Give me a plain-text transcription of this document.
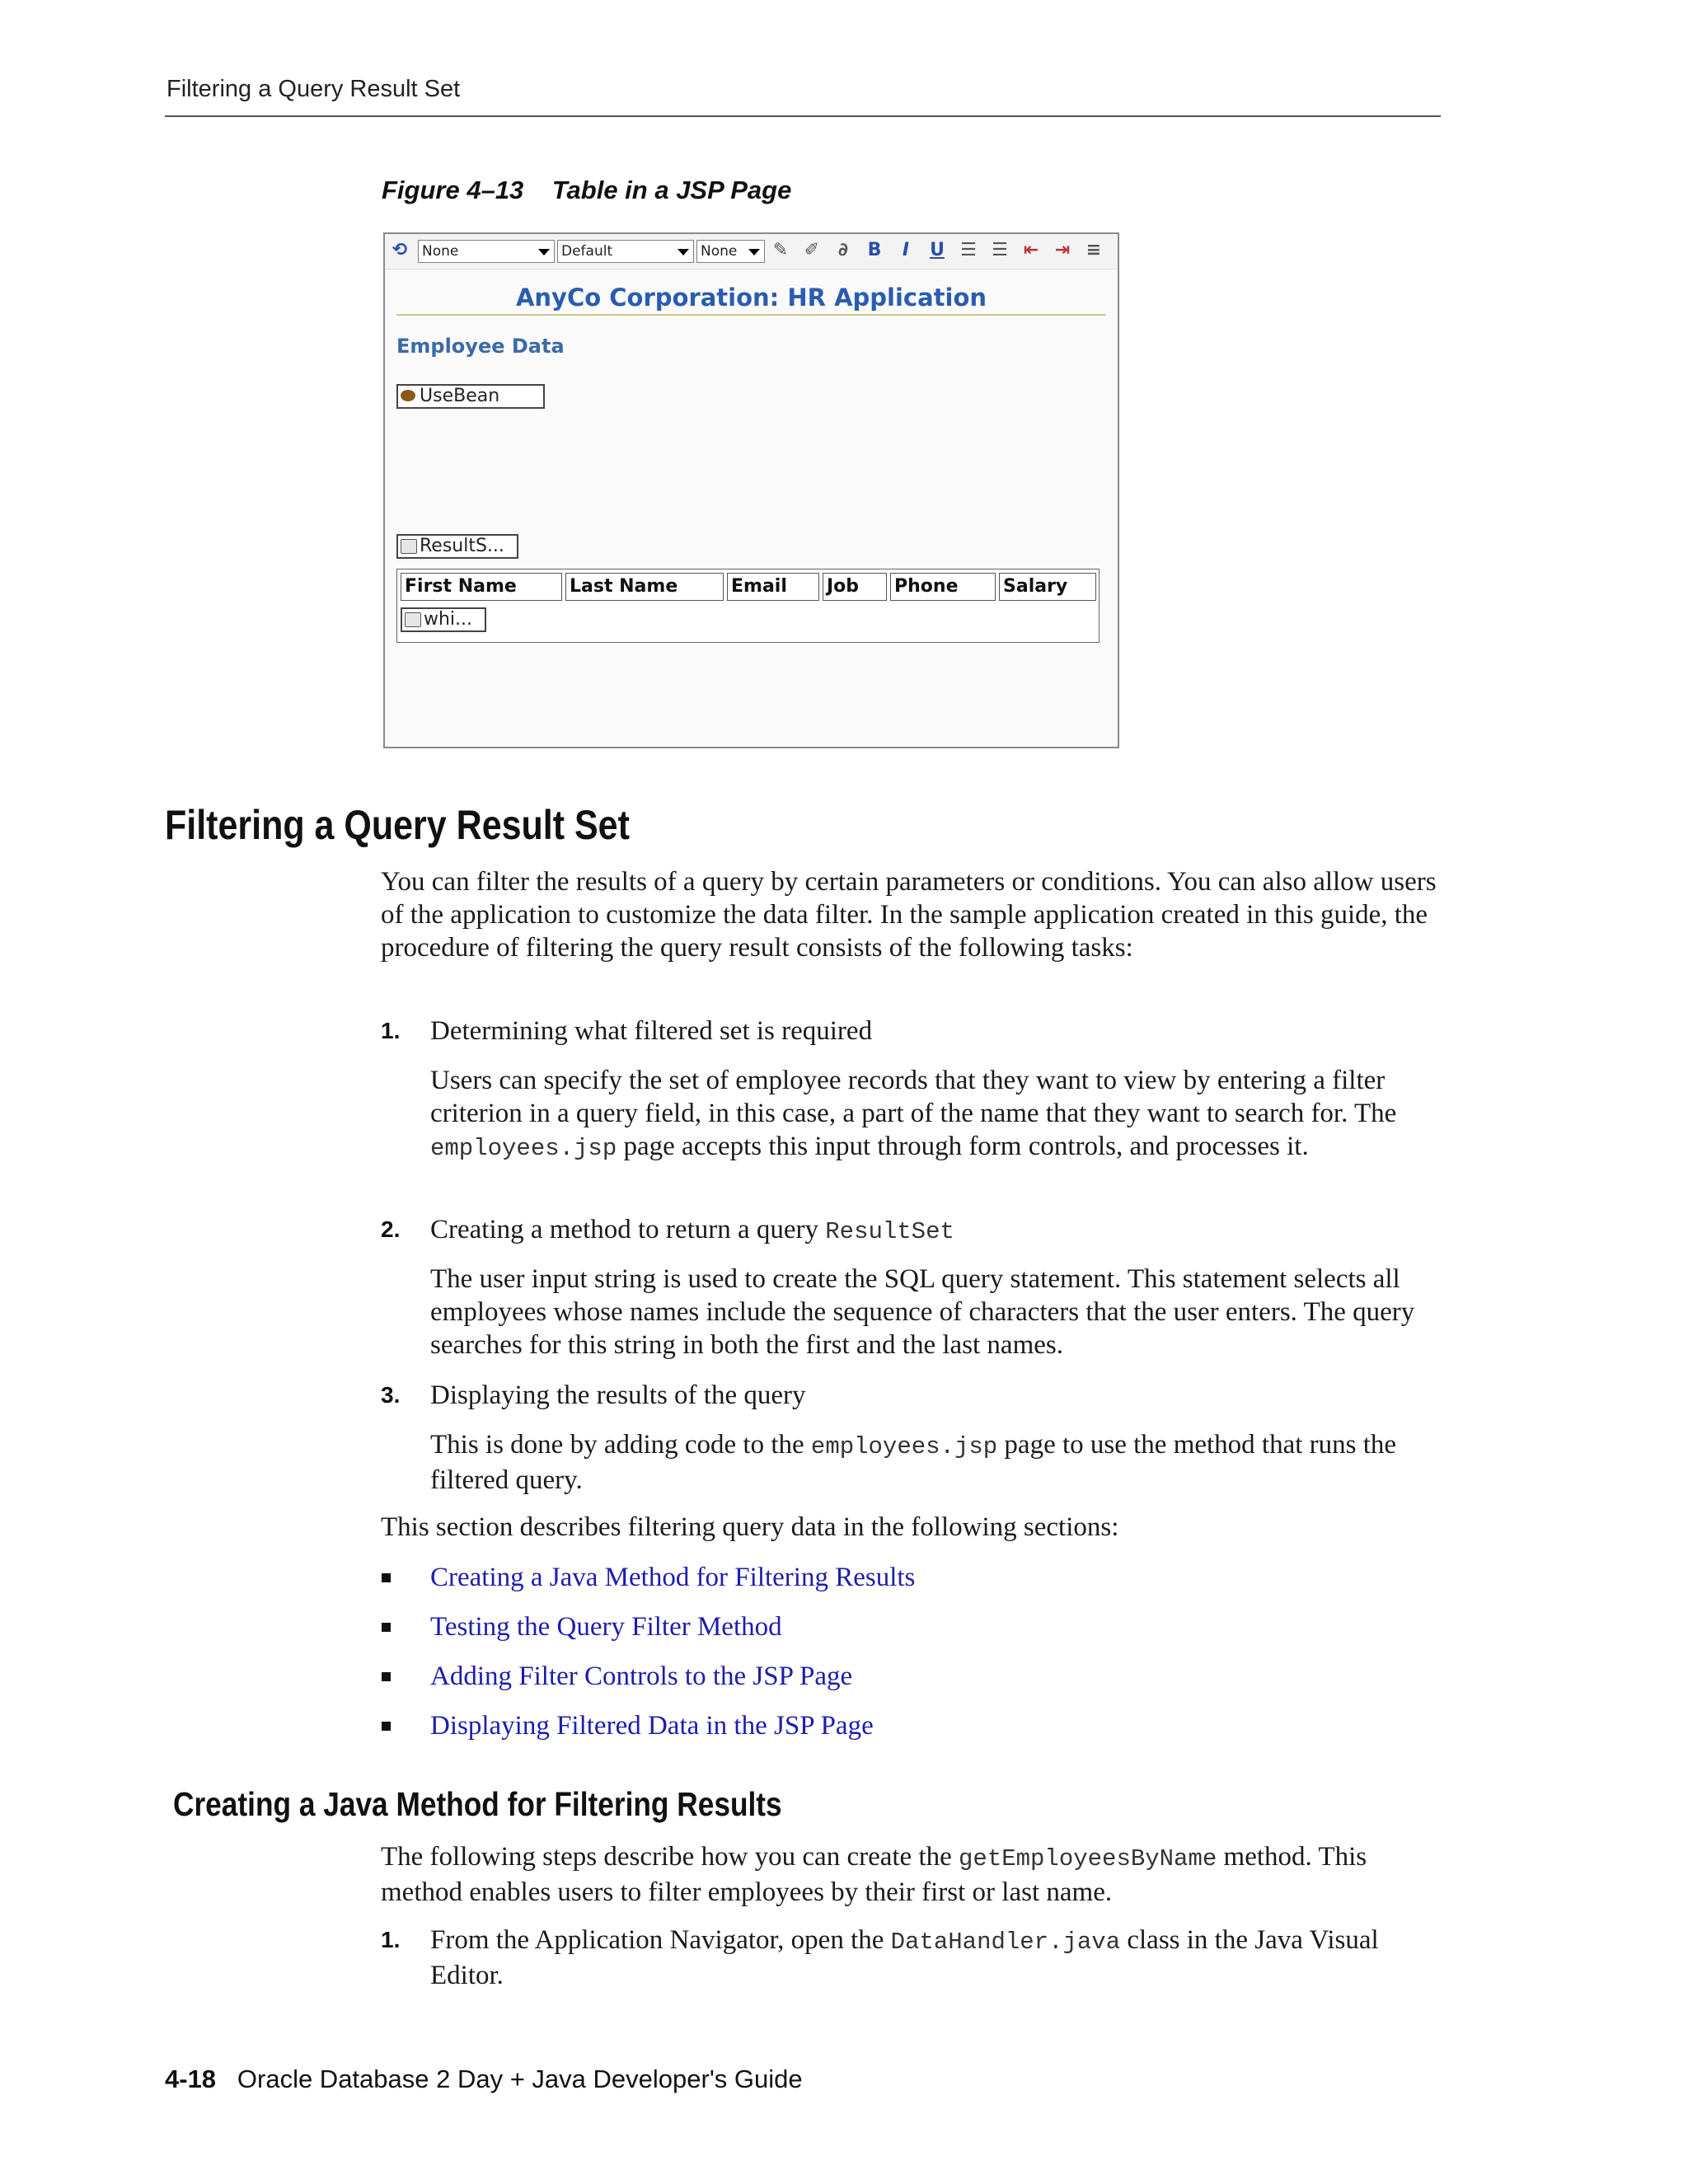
Filtering a Query Result Set
Figure 4–13    Table in a JSP Page
⟲ None	Default	None	✎ ✐ ∂ B	I	U ☰ ☰ ⇤ ⇥ ≡
AnyCo Corporation: HR Application
Employee Data
UseBean
ResultS...
First Name	Last Name	Email	Job	Phone	Salary
whi...
Filtering a Query Result Set

You can filter the results of a query by certain parameters or conditions. You can also allow users of the application to customize the data filter. In the sample application created in this guide, the procedure of filtering the query result consists of the following tasks:

1. Determining what filtered set is required

Users can specify the set of employee records that they want to view by entering a filter criterion in a query field, in this case, a part of the name that they want to search for. The employees.jsp page accepts this input through form controls, and processes it.

2. Creating a method to return a query ResultSet

The user input string is used to create the SQL query statement. This statement selects all employees whose names include the sequence of characters that the user enters. The query searches for this string in both the first and the last names.

3. Displaying the results of the query

This is done by adding code to the employees.jsp page to use the method that runs the filtered query.

This section describes filtering query data in the following sections:

Creating a Java Method for Filtering Results
Testing the Query Filter Method
Adding Filter Controls to the JSP Page
Displaying Filtered Data in the JSP Page
Creating a Java Method for Filtering Results

The following steps describe how you can create the getEmployeesByName method. This method enables users to filter employees by their first or last name.

1. From the Application Navigator, open the DataHandler.java class in the Java Visual Editor.

4-18 Oracle Database 2 Day + Java Developer's Guide
